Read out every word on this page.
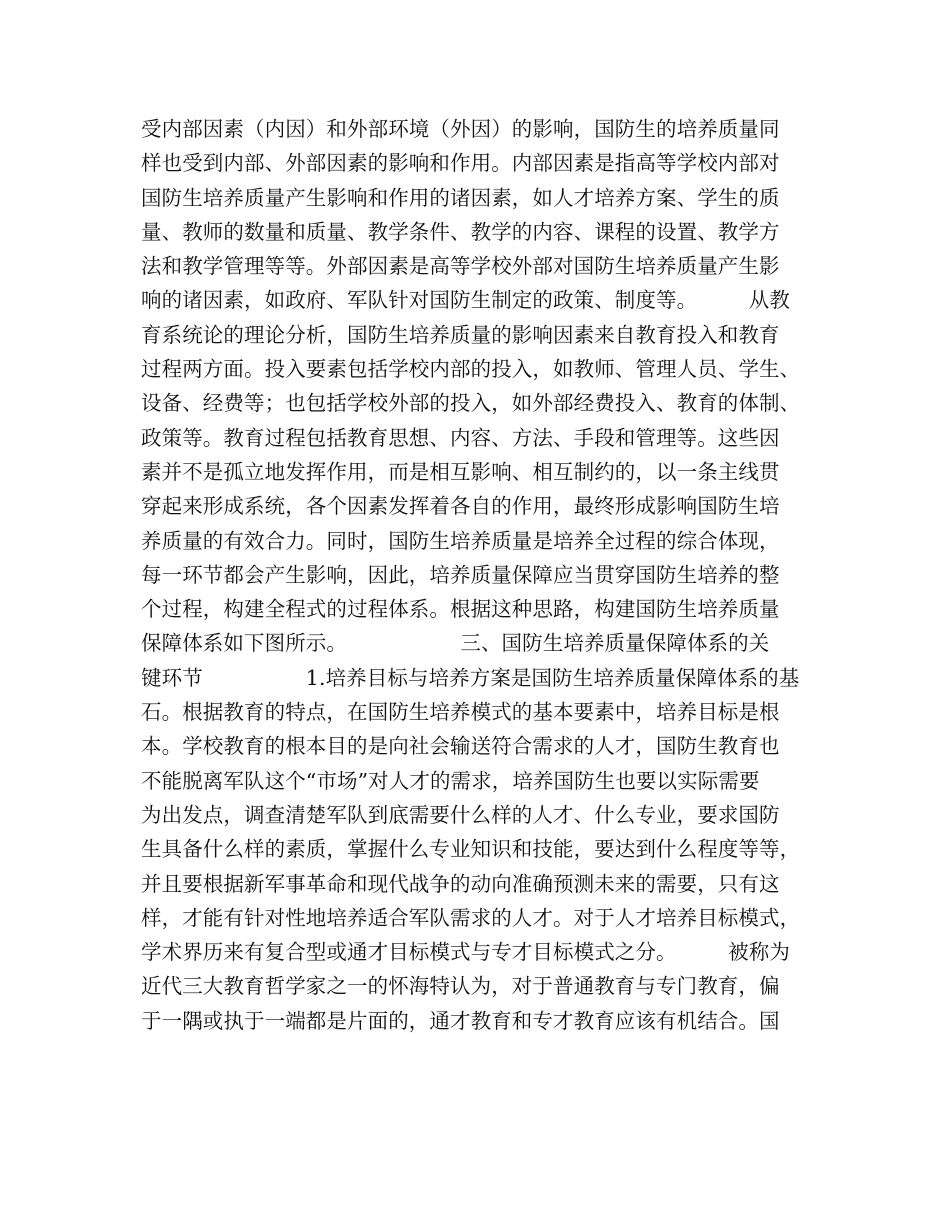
受内部因素（内因）和外部环境（外因）的影响，国防生的培养质量同
样也受到内部、外部因素的影响和作用。内部因素是指高等学校内部对
国防生培养质量产生影响和作用的诸因素，如人才培养方案、学生的质
量、教师的数量和质量、教学条件、教学的内容、课程的设置、教学方
法和教学管理等等。外部因素是高等学校外部对国防生培养质量产生影
响的诸因素，如政府、军队针对国防生制定的政策、制度等。　　　从教
育系统论的理论分析，国防生培养质量的影响因素来自教育投入和教育
过程两方面。投入要素包括学校内部的投入，如教师、管理人员、学生、
设备、经费等；也包括学校外部的投入，如外部经费投入、教育的体制、
政策等。教育过程包括教育思想、内容、方法、手段和管理等。这些因
素并不是孤立地发挥作用，而是相互影响、相互制约的，以一条主线贯
穿起来形成系统，各个因素发挥着各自的作用，最终形成影响国防生培
养质量的有效合力。同时，国防生培养质量是培养全过程的综合体现，
每一环节都会产生影响，因此，培养质量保障应当贯穿国防生培养的整
个过程，构建全程式的过程体系。根据这种思路，构建国防生培养质量
保障体系如下图所示。　　　　　　三、国防生培养质量保障体系的关
键环节　　　　　1.培养目标与培养方案是国防生培养质量保障体系的基
石。根据教育的特点，在国防生培养模式的基本要素中，培养目标是根
本。学校教育的根本目的是向社会输送符合需求的人才，国防生教育也
不能脱离军队这个“市场”对人才的需求，培养国防生也要以实际需要
为出发点，调查清楚军队到底需要什么样的人才、什么专业，要求国防
生具备什么样的素质，掌握什么专业知识和技能，要达到什么程度等等，
并且要根据新军事革命和现代战争的动向准确预测未来的需要，只有这
样，才能有针对性地培养适合军队需求的人才。对于人才培养目标模式，
学术界历来有复合型或通才目标模式与专才目标模式之分。　　　被称为
近代三大教育哲学家之一的怀海特认为，对于普通教育与专门教育，偏
于一隅或执于一端都是片面的，通才教育和专才教育应该有机结合。国
